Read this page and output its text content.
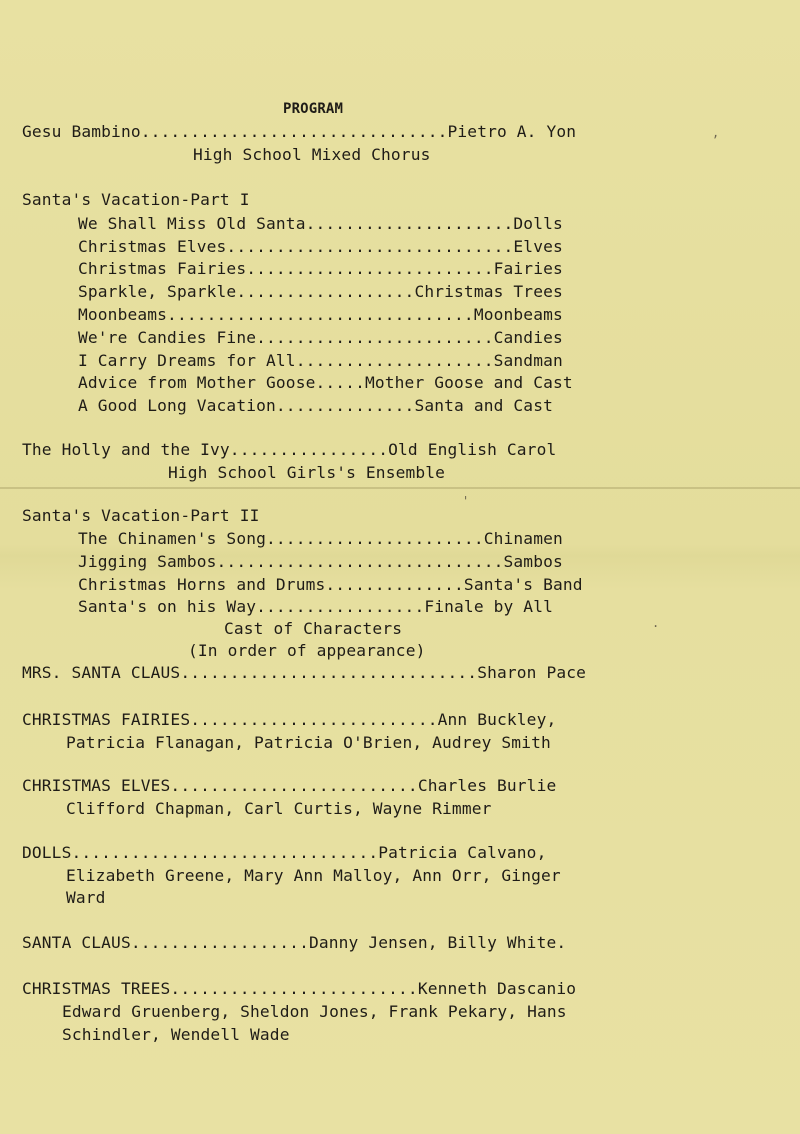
,
'
.
PROGRAM
Gesu Bambino...............................Pietro A. Yon
High School Mixed Chorus
Santa's Vacation-Part I
We Shall Miss Old Santa.....................Dolls
Christmas Elves.............................Elves
Christmas Fairies.........................Fairies
Sparkle, Sparkle..................Christmas Trees
Moonbeams...............................Moonbeams
We're Candies Fine........................Candies
I Carry Dreams for All....................Sandman
Advice from Mother Goose.....Mother Goose and Cast
A Good Long Vacation..............Santa and Cast
The Holly and the Ivy................Old English Carol
High School Girls's Ensemble
Santa's Vacation-Part II
The Chinamen's Song......................Chinamen
Jigging Sambos.............................Sambos
Christmas Horns and Drums..............Santa's Band
Santa's on his Way.................Finale by All
Cast of Characters
(In order of appearance)
MRS. SANTA CLAUS..............................Sharon Pace
CHRISTMAS FAIRIES.........................Ann Buckley,
Patricia Flanagan, Patricia O'Brien, Audrey Smith
CHRISTMAS ELVES.........................Charles Burlie
Clifford Chapman, Carl Curtis, Wayne Rimmer
DOLLS...............................Patricia Calvano,
Elizabeth Greene, Mary Ann Malloy, Ann Orr, Ginger
Ward
SANTA CLAUS..................Danny Jensen, Billy White.
CHRISTMAS TREES.........................Kenneth Dascanio
Edward Gruenberg, Sheldon Jones, Frank Pekary, Hans
Schindler, Wendell Wade
